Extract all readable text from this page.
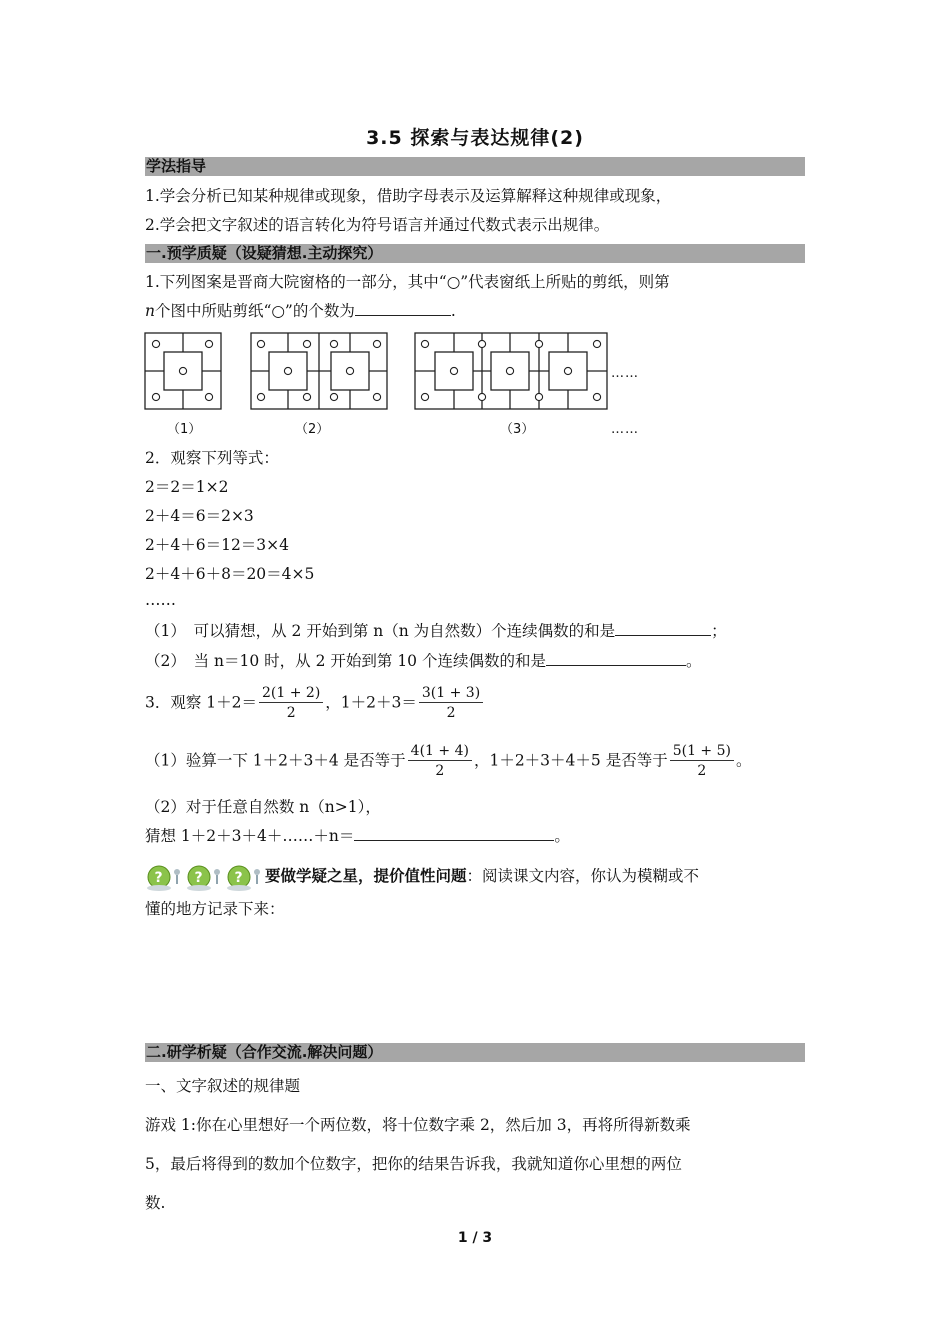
3.5 探索与表达规律(2)
学法指导
1.学会分析已知某种规律或现象，借助字母表示及运算解释这种规律或现象，
2.学会把文字叙述的语言转化为符号语言并通过代数式表示出规律。
一.预学质疑（设疑猜想.主动探究）
1.下列图案是晋商大院窗格的一部分，其中“○”代表窗纸上所贴的剪纸，则第
n个图中所贴剪纸“○”的个数为	.
……
（1）	（2）	（3）	……
2．观察下列等式：
2＝2＝1×2
2＋4＝6＝2×3
2＋4＋6＝12＝3×4
2＋4＋6＋8＝20＝4×5
……
（1）　可以猜想，从 2 开始到第 n（n 为自然数）个连续偶数的和是	；
（2）　当 n＝10 时，从 2 开始到第 10 个连续偶数的和是	。
3．观察 $1+2= \frac{2(1 + 2)}{2}$ ，$1+2+3= \frac{3(1 + 3)}{2}$
（1）验算一下 1＋2＋3＋4 是否等于 $\frac{4(1 + 4)}{2}$ ，1＋2＋3＋4＋5 是否等于 $\frac{5(1 + 5)}{2}$ 。
（2）对于任意自然数 n（n>1），
猜想 1＋2＋3＋4＋……＋n＝	。
? ? ? 要做学疑之星，提价值性问题：阅读课文内容，你认为模糊或不
懂的地方记录下来：
二.研学析疑（合作交流.解决问题）
一、文字叙述的规律题
游戏 1:你在心里想好一个两位数，将十位数字乘 2，然后加 3，再将所得新数乘
5，最后将得到的数加个位数字，把你的结果告诉我，我就知道你心里想的两位
数.
1 / 3
